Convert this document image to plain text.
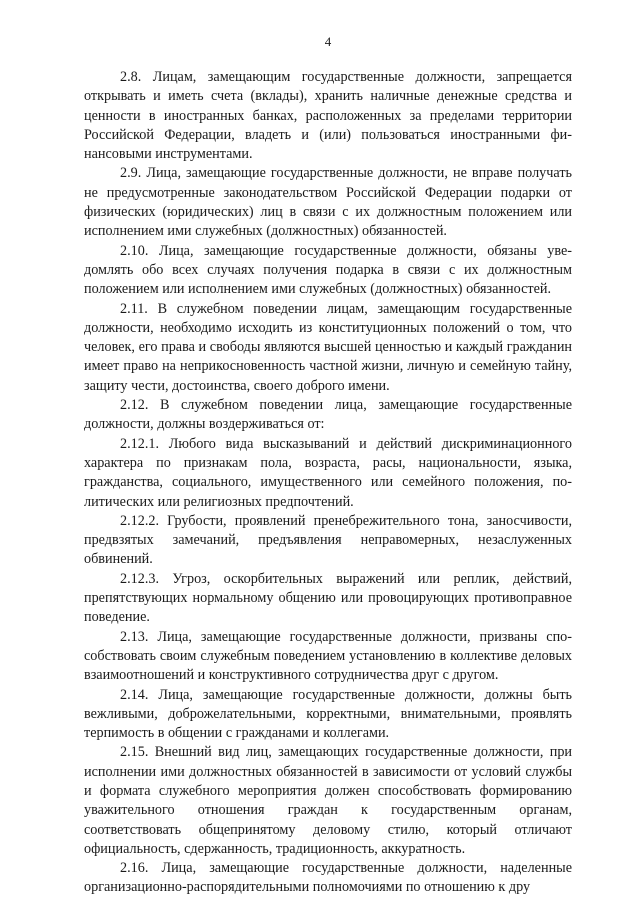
4

2.8. Лицам, замещающим государственные должности, запрещается открывать и иметь счета (вклады), хранить наличные денежные средства и ценности в иностранных банках, расположенных за пределами территории Российской Федерации, владеть и (или) пользоваться иностранными финансовыми инструментами.

2.9. Лица, замещающие государственные должности, не вправе получать не предусмотренные законодательством Российской Федерации подарки от физических (юридических) лиц в связи с их должностным положением или исполнением ими служебных (должностных) обязанностей.

2.10. Лица, замещающие государственные должности, обязаны уведомлять обо всех случаях получения подарка в связи с их должностным положением или исполнением ими служебных (должностных) обязанностей.

2.11. В служебном поведении лицам, замещающим государственные должности, необходимо исходить из конституционных положений о том, что человек, его права и свободы являются высшей ценностью и каждый гражданин имеет право на неприкосновенность частной жизни, личную и семейную тайну, защиту чести, достоинства, своего доброго имени.

2.12. В служебном поведении лица, замещающие государственные должности, должны воздерживаться от:

2.12.1. Любого вида высказываний и действий дискриминационного характера по признакам пола, возраста, расы, национальности, языка, гражданства, социального, имущественного или семейного положения, политических или религиозных предпочтений.

2.12.2. Грубости, проявлений пренебрежительного тона, заносчивости, предвзятых замечаний, предъявления неправомерных, незаслуженных обвинений.

2.12.3. Угроз, оскорбительных выражений или реплик, действий, препятствующих нормальному общению или провоцирующих противоправное поведение.

2.13. Лица, замещающие государственные должности, призваны способствовать своим служебным поведением установлению в коллективе деловых взаимоотношений и конструктивного сотрудничества друг с другом.

2.14. Лица, замещающие государственные должности, должны быть вежливыми, доброжелательными, корректными, внимательными, проявлять терпимость в общении с гражданами и коллегами.

2.15. Внешний вид лиц, замещающих государственные должности, при исполнении ими должностных обязанностей в зависимости от условий службы и формата служебного мероприятия должен способствовать формированию уважительного отношения граждан к государственным органам, соответствовать общепринятому деловому стилю, который отличают официальность, сдержанность, традиционность, аккуратность.

2.16. Лица, замещающие государственные должности, наделенные организационно-распорядительными полномочиями по отношению к дру
